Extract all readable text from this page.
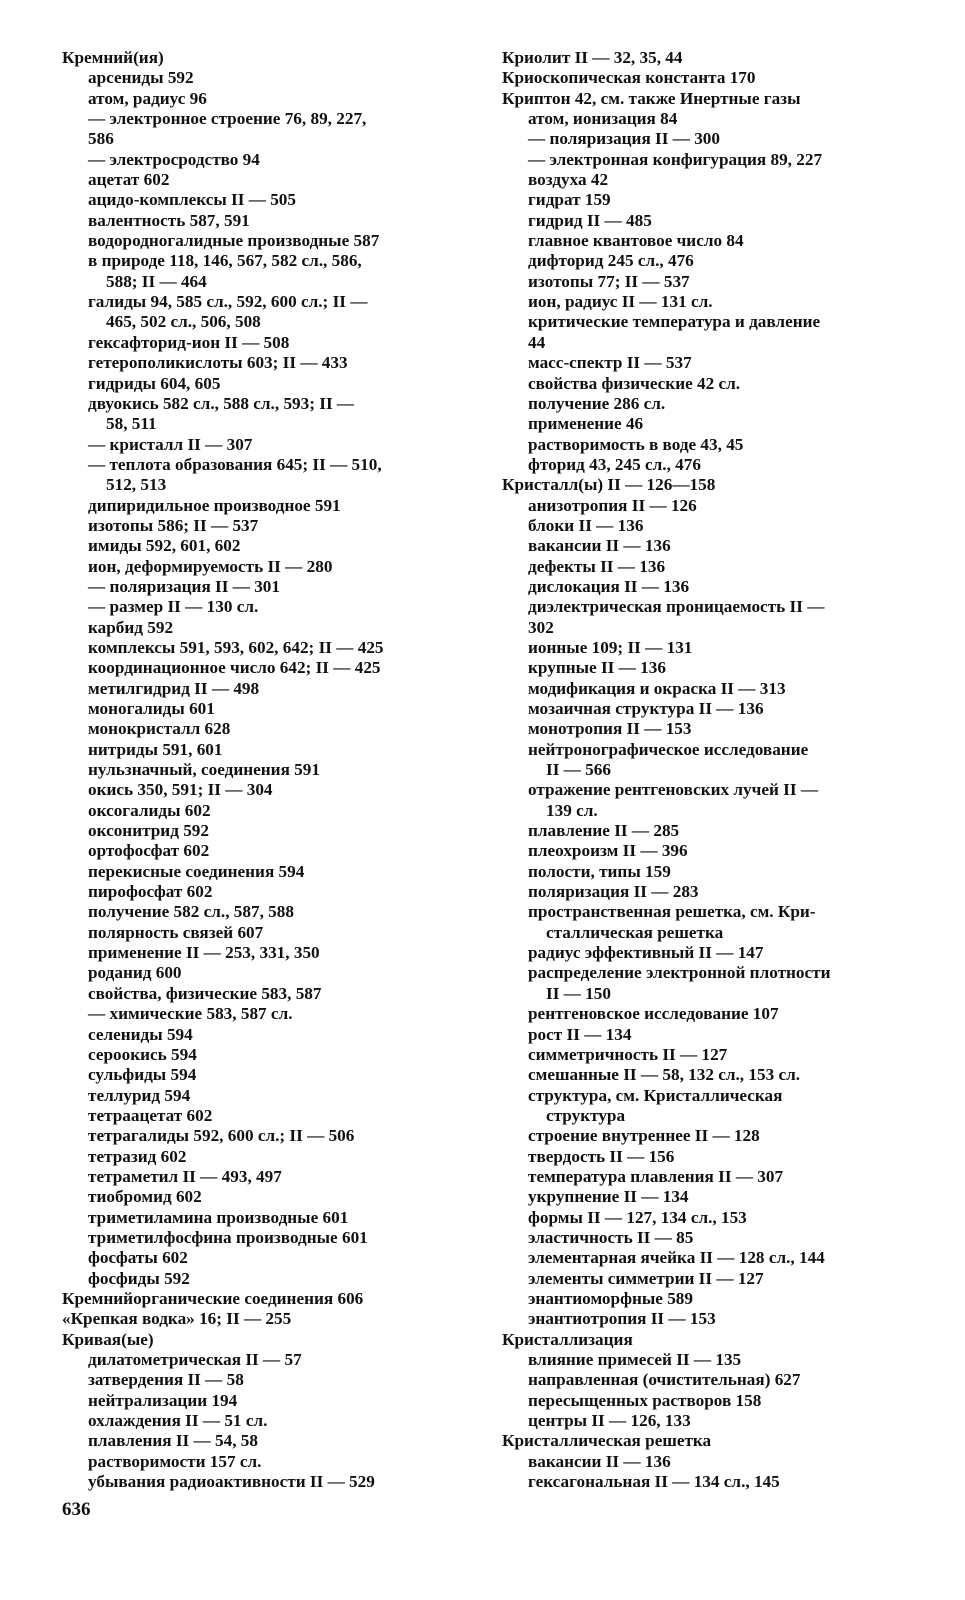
Кремний(ия)
арсениды 592
атом, радиус 96
— электронное строение 76, 89, 227,
586
— электросродство 94
ацетат 602
ацидо-комплексы II — 505
валентность 587, 591
водородногалидные производные 587
в природе 118, 146, 567, 582 сл., 586,
588; II — 464
галиды 94, 585 сл., 592, 600 сл.; II —
465, 502 сл., 506, 508
гексафторид-ион II — 508
гетерополикислоты 603; II — 433
гидриды 604, 605
двуокись 582 сл., 588 сл., 593; II —
58, 511
— кристалл II — 307
— теплота образования 645; II — 510,
512, 513
дипиридильное производное 591
изотопы 586; II — 537
имиды 592, 601, 602
ион, деформируемость II — 280
— поляризация II — 301
— размер II — 130 сл.
карбид 592
комплексы 591, 593, 602, 642; II — 425
координационное число 642; II — 425
метилгидрид II — 498
моногалиды 601
монокристалл 628
нитриды 591, 601
нульзначный, соединения 591
окись 350, 591; II — 304
оксогалиды 602
оксонитрид 592
ортофосфат 602
перекисные соединения 594
пирофосфат 602
получение 582 сл., 587, 588
полярность связей 607
применение II — 253, 331, 350
роданид 600
свойства, физические 583, 587
— химические 583, 587 сл.
селениды 594
сероокись 594
сульфиды 594
теллурид 594
тетраацетат 602
тетрагалиды 592, 600 сл.; II — 506
тетразид 602
тетраметил II — 493, 497
тиобромид 602
триметиламина производные 601
триметилфосфина производные 601
фосфаты 602
фосфиды 592
Кремнийорганические соединения 606
«Крепкая водка» 16; II — 255
Кривая(ые)
дилатометрическая II — 57
затвердения II — 58
нейтрализации 194
охлаждения II — 51 сл.
плавления II — 54, 58
растворимости 157 сл.
убывания радиоактивности II — 529
Криолит II — 32, 35, 44
Криоскопическая константа 170
Криптон 42, см. также Инертные газы
атом, ионизация 84
— поляризация II — 300
— электронная конфигурация 89, 227
воздуха 42
гидрат 159
гидрид II — 485
главное квантовое число 84
дифторид 245 сл., 476
изотопы 77; II — 537
ион, радиус II — 131 сл.
критические температура и давление
44
масс-спектр II — 537
свойства физические 42 сл.
получение 286 сл.
применение 46
растворимость в воде 43, 45
фторид 43, 245 сл., 476
Кристалл(ы) II — 126—158
анизотропия II — 126
блоки II — 136
вакансии II — 136
дефекты II — 136
дислокация II — 136
диэлектрическая проницаемость II —
302
ионные 109; II — 131
крупные II — 136
модификация и окраска II — 313
мозаичная структура II — 136
монотропия II — 153
нейтронографическое исследование
II — 566
отражение рентгеновских лучей II —
139 сл.
плавление II — 285
плеохроизм II — 396
полости, типы 159
поляризация II — 283
пространственная решетка, см. Кри-
сталлическая решетка
радиус эффективный II — 147
распределение электронной плотности
II — 150
рентгеновское исследование 107
рост II — 134
симметричность II — 127
смешанные II — 58, 132 сл., 153 сл.
структура, см. Кристаллическая
структура
строение внутреннее II — 128
твердость II — 156
температура плавления II — 307
укрупнение II — 134
формы II — 127, 134 сл., 153
эластичность II — 85
элементарная ячейка II — 128 сл., 144
элементы симметрии II — 127
энантиоморфные 589
энантиотропия II — 153
Кристаллизация
влияние примесей II — 135
направленная (очистительная) 627
пересыщенных растворов 158
центры II — 126, 133
Кристаллическая решетка
вакансии II — 136
гексагональная II — 134 сл., 145
636
